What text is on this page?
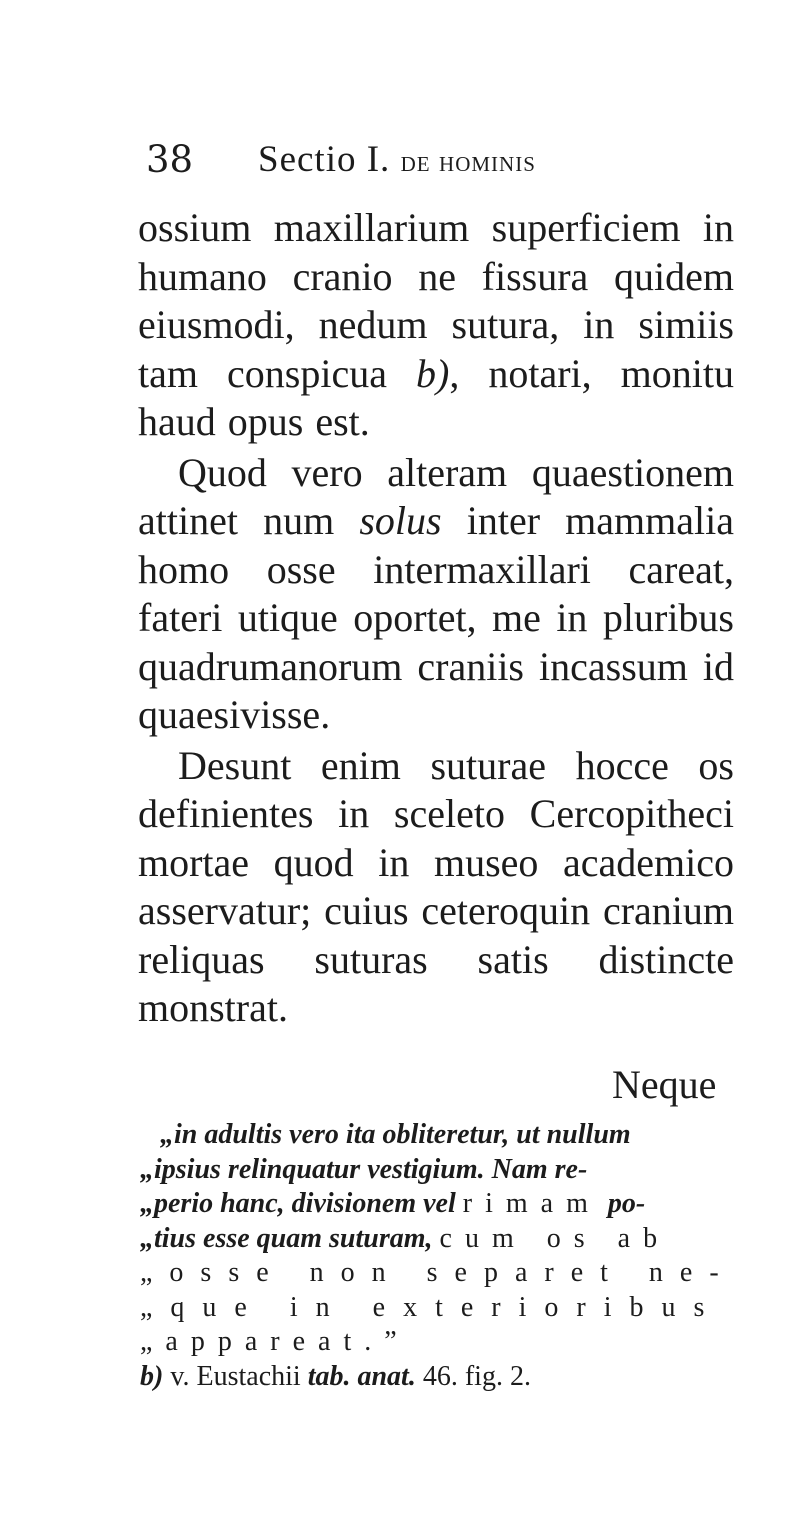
38 Sectio I. de hominis

ossium maxillarium superficiem in humano cranio ne fissura quidem eiusmodi, nedum sutura, in simiis tam conspicua b), notari, monitu haud opus est.

Quod vero alteram quaestionem attinet num solus inter mammalia homo osse intermaxillari careat, fateri utique oportet, me in pluribus quadrumanorum craniis incassum id quaesivisse.

Desunt enim suturae hocce os definientes in sceleto Cercopitheci mortae quod in museo academico asservatur; cuius ceteroquin cranium reliquas suturas satis distincte monstrat.

Neque
„in adultis vero ita obliteretur, ut nullum
„ipsius relinquatur vestigium. Nam re-
„perio hanc, divisionem vel rimam po-
„tius esse quam suturam, cum os ab
„osse non separet ne-
„que in exterioribus
„appareat.”
b) v. Eustachii tab. anat. 46. fig. 2.
